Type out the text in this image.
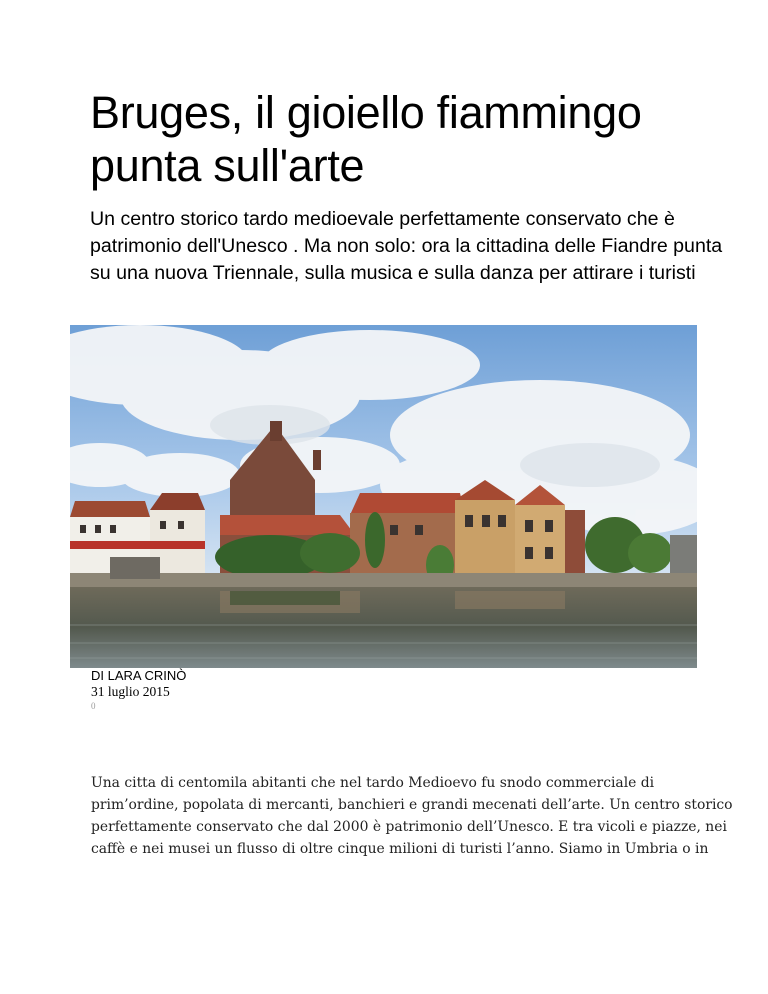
Bruges, il gioiello fiammingo punta sull'arte

Un centro storico tardo medioevale perfettamente conservato che è patrimonio dell'Unesco . Ma non solo: ora la cittadina delle Fiandre punta su una nuova Triennale, sulla musica e sulla danza per attirare i turisti

DI LARA CRINÒ
31 luglio 2015
0

Una citta di centomila abitanti che nel tardo Medioevo fu snodo commerciale di prim’ordine, popolata di mercanti, banchieri e grandi mecenati dell’arte. Un centro storico perfettamente conservato che dal 2000 è patrimonio dell’Unesco. E tra vicoli e piazze, nei caffè e nei musei un flusso di oltre cinque milioni di turisti l’anno. Siamo in Umbria o in
